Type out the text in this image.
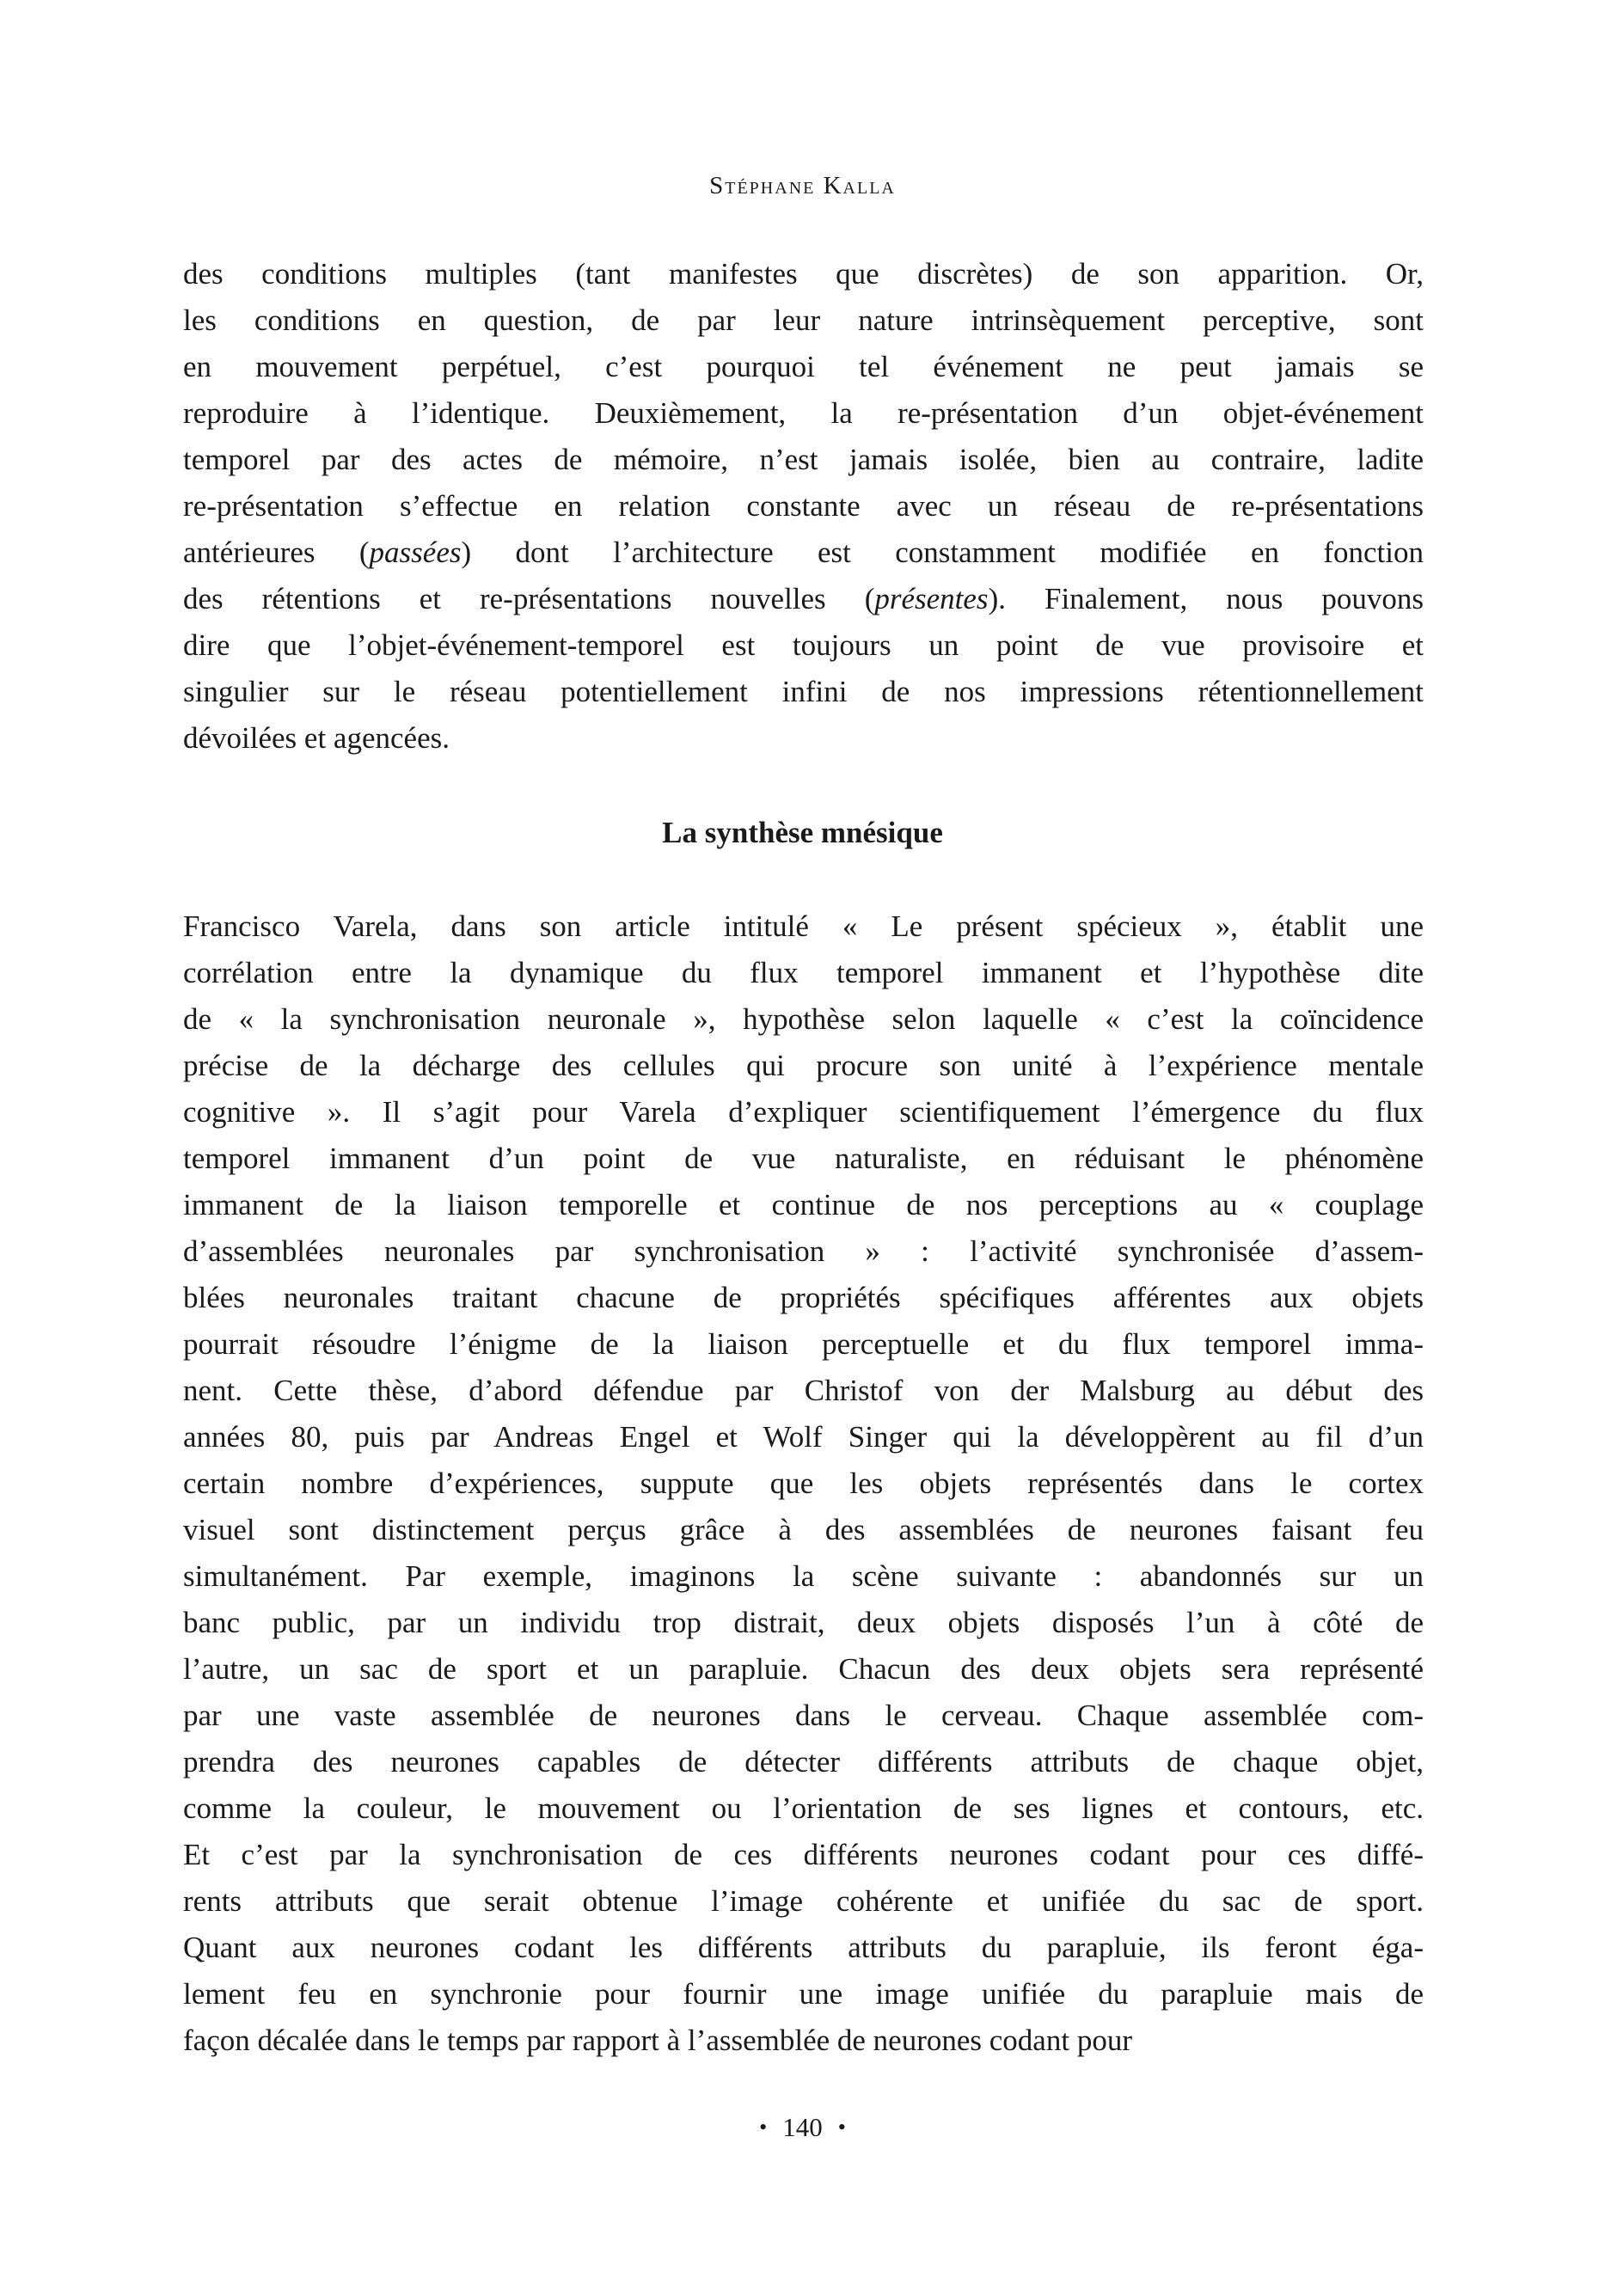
Stéphane Kalla
des conditions multiples (tant manifestes que discrètes) de son apparition. Or,
les conditions en question, de par leur nature intrinsèquement perceptive, sont
en mouvement perpétuel, c’est pourquoi tel événement ne peut jamais se
reproduire à l’identique. Deuxièmement, la re-présentation d’un objet-événement
temporel par des actes de mémoire, n’est jamais isolée, bien au contraire, ladite
re-présentation s’effectue en relation constante avec un réseau de re-présentations
antérieures (passées) dont l’architecture est constamment modifiée en fonction
des rétentions et re-présentations nouvelles (présentes). Finalement, nous pouvons
dire que l’objet-événement-temporel est toujours un point de vue provisoire et
singulier sur le réseau potentiellement infini de nos impressions rétentionnellement
dévoilées et agencées.
La synthèse mnésique
Francisco Varela, dans son article intitulé « Le présent spécieux », établit une
corrélation entre la dynamique du flux temporel immanent et l’hypothèse dite
de « la synchronisation neuronale », hypothèse selon laquelle « c’est la coïncidence
précise de la décharge des cellules qui procure son unité à l’expérience mentale
cognitive ». Il s’agit pour Varela d’expliquer scientifiquement l’émergence du flux
temporel immanent d’un point de vue naturaliste, en réduisant le phénomène
immanent de la liaison temporelle et continue de nos perceptions au « couplage
d’assemblées neuronales par synchronisation » : l’activité synchronisée d’assem-
blées neuronales traitant chacune de propriétés spécifiques afférentes aux objets
pourrait résoudre l’énigme de la liaison perceptuelle et du flux temporel imma-
nent. Cette thèse, d’abord défendue par Christof von der Malsburg au début des
années 80, puis par Andreas Engel et Wolf Singer qui la développèrent au fil d’un
certain nombre d’expériences, suppute que les objets représentés dans le cortex
visuel sont distinctement perçus grâce à des assemblées de neurones faisant feu
simultanément. Par exemple, imaginons la scène suivante : abandonnés sur un
banc public, par un individu trop distrait, deux objets disposés l’un à côté de
l’autre, un sac de sport et un parapluie. Chacun des deux objets sera représenté
par une vaste assemblée de neurones dans le cerveau. Chaque assemblée com-
prendra des neurones capables de détecter différents attributs de chaque objet,
comme la couleur, le mouvement ou l’orientation de ses lignes et contours, etc.
Et c’est par la synchronisation de ces différents neurones codant pour ces diffé-
rents attributs que serait obtenue l’image cohérente et unifiée du sac de sport.
Quant aux neurones codant les différents attributs du parapluie, ils feront éga-
lement feu en synchronie pour fournir une image unifiée du parapluie mais de
façon décalée dans le temps par rapport à l’assemblée de neurones codant pour
• 140 •
